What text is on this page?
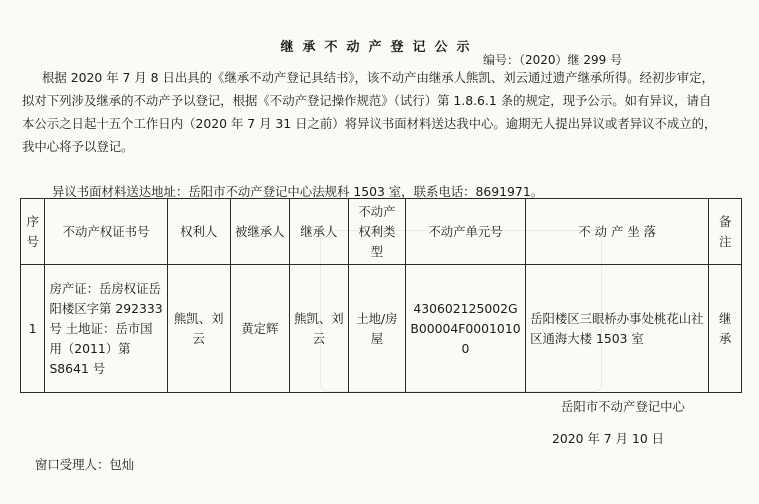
继承不动产登记公示
编号：（2020）继 299 号
根据 2020 年 7 月 8 日出具的《继承不动产登记具结书》，该不动产由继承人熊凯、刘云通过遗产继承所得。经初步审定，拟对下列涉及继承的不动产予以登记，根据《不动产登记操作规范》（试行）第 1.8.6.1 条的规定，现予公示。如有异议，请自本公示之日起十五个工作日内（2020 年 7 月 31 日之前）将异议书面材料送达我中心。逾期无人提出异议或者异议不成立的，我中心将予以登记。
异议书面材料送达地址：岳阳市不动产登记中心法规科 1503 室，联系电话：8691971。
序号	不动产权证书号	权利人	被继承人	继承人	不动产权利类型	不动产单元号	不 动 产 坐 落	备注
1	房产证：岳房权证岳阳楼区字第 292333 号 土地证：岳市国用（2011）第 S8641 号	熊凯、刘云	黄定辉	熊凯、刘云	土地/房屋	430602125002GB00004F00010100	岳阳楼区三眼桥办事处桃花山社区通海大楼 1503 室	继承
岳阳市不动产登记中心
2020 年 7 月 10 日
窗口受理人：包灿
